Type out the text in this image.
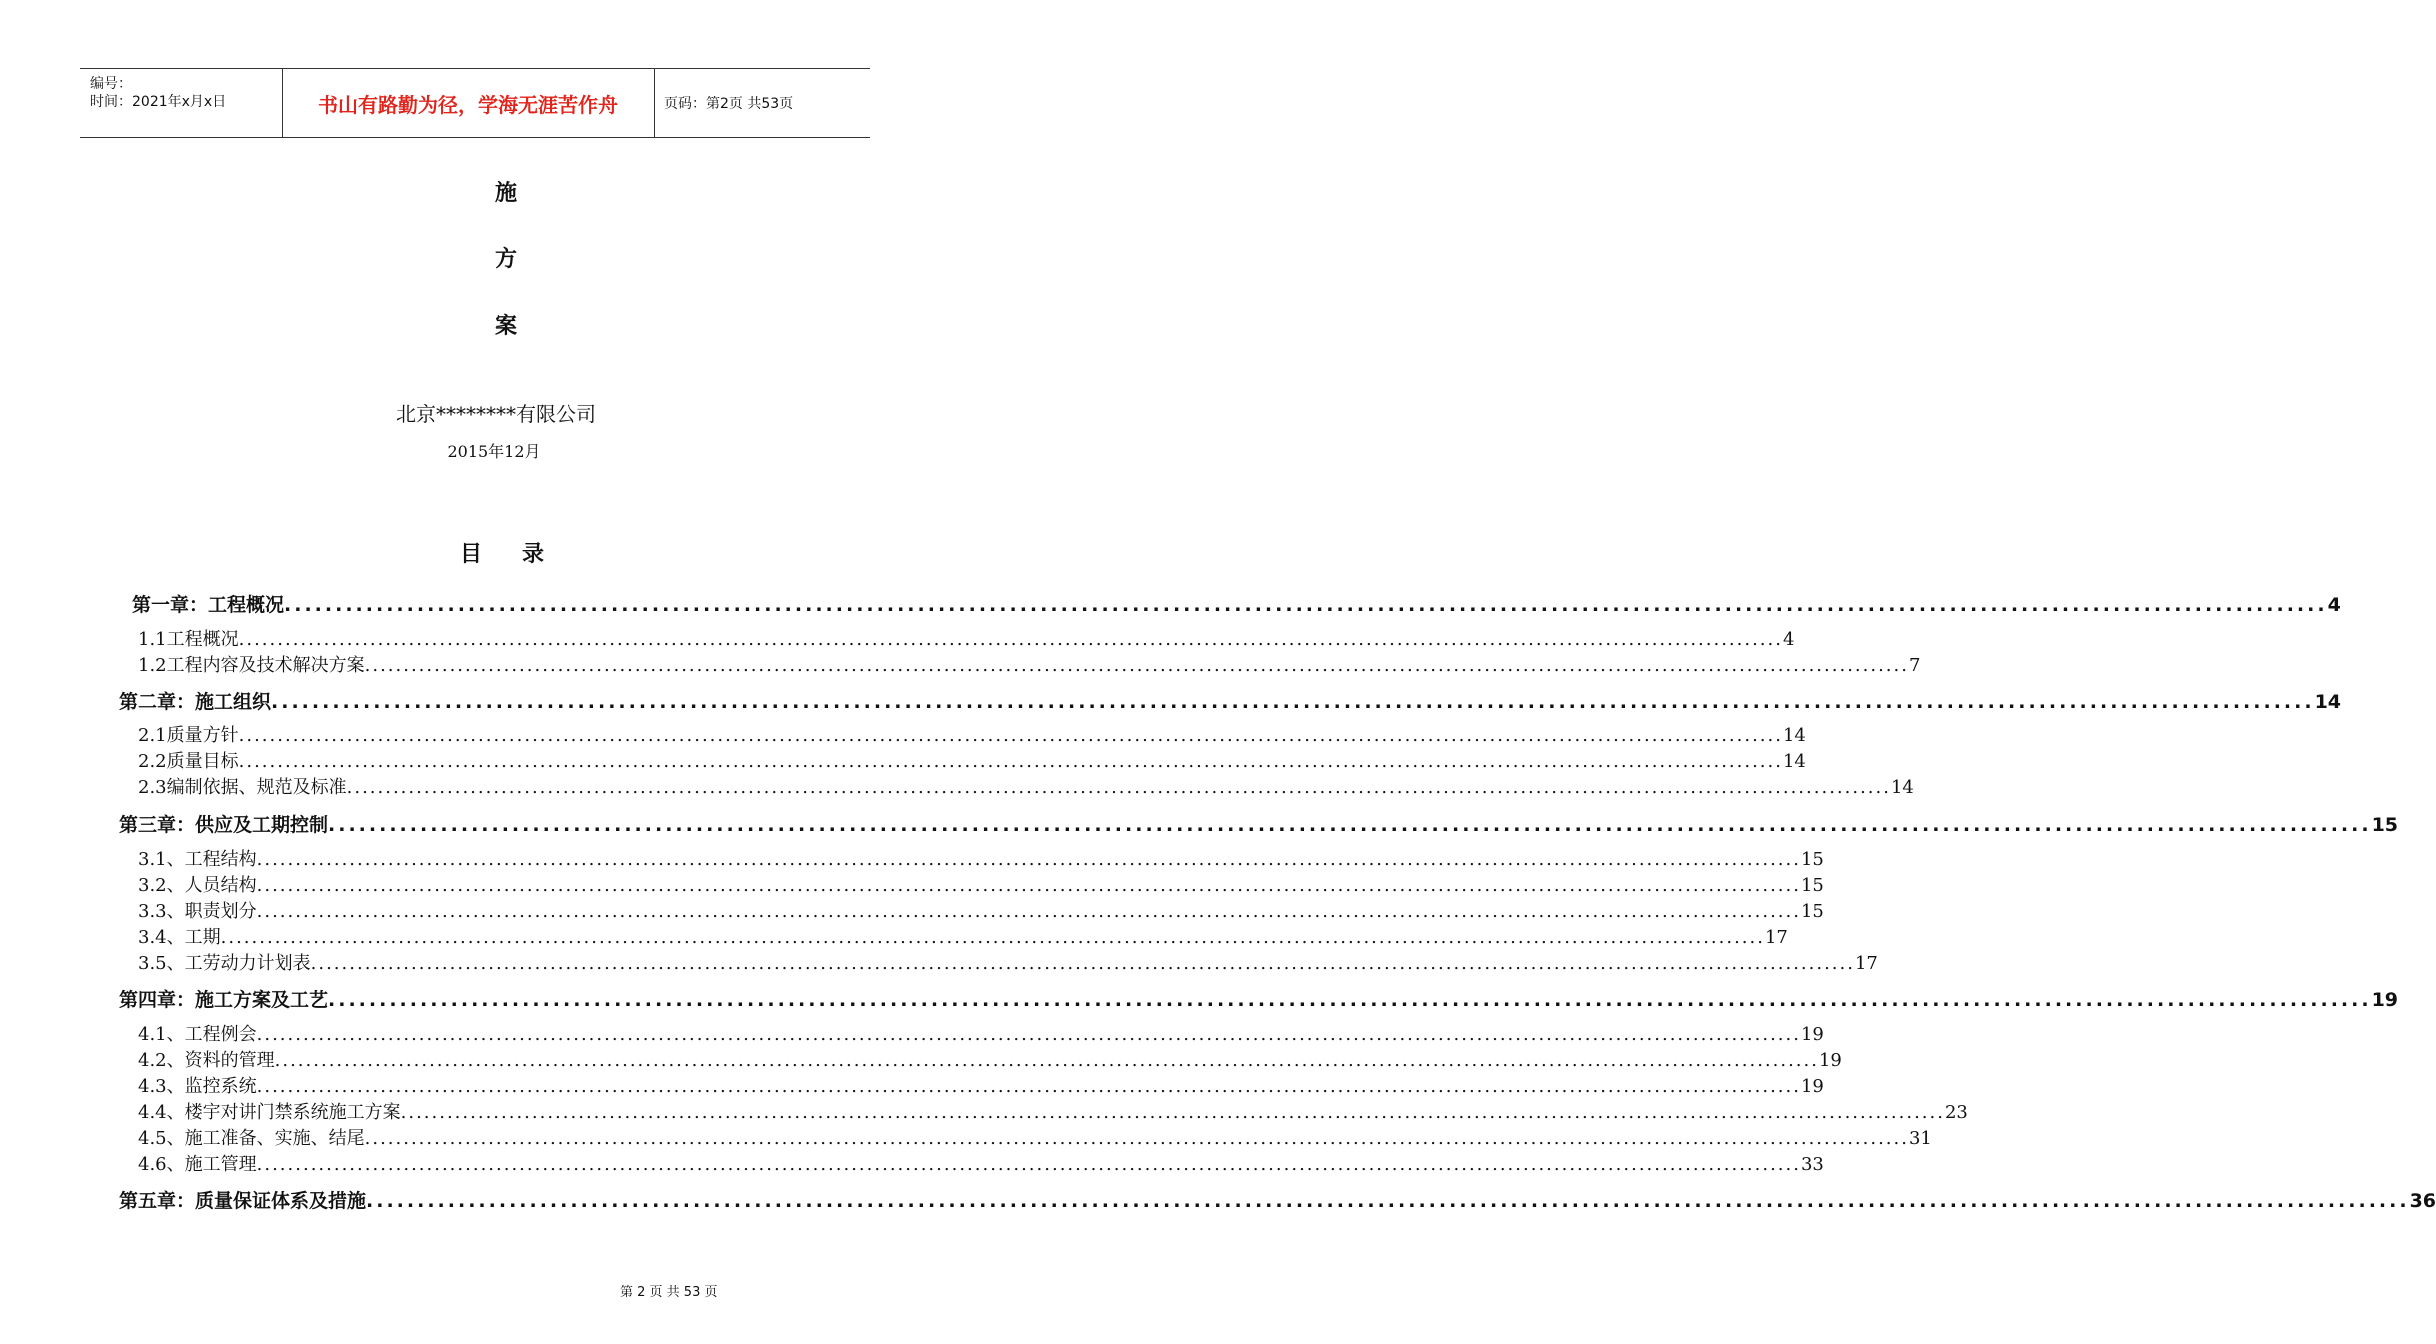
编号：
时间：2021年x月x日	书山有路勤为径，学海无涯苦作舟	页码：第2页 共53页
施
方
案
北京********有限公司
2015年12月
目 录
第一章：工程概况 ........................................................................................................................................................................................................ 4
1.1工程概况 ........................................................................................................................................................................................................ 4
1.2工程内容及技术解决方案 ........................................................................................................................................................................................................ 7
第二章：施工组织 ........................................................................................................................................................................................................ 14
2.1质量方针 ........................................................................................................................................................................................................ 14
2.2质量目标 ........................................................................................................................................................................................................ 14
2.3编制依据、规范及标准 ........................................................................................................................................................................................................ 14
第三章：供应及工期控制 ........................................................................................................................................................................................................ 15
3.1、工程结构 ........................................................................................................................................................................................................ 15
3.2、人员结构 ........................................................................................................................................................................................................ 15
3.3、职责划分 ........................................................................................................................................................................................................ 15
3.4、工期 ........................................................................................................................................................................................................ 17
3.5、工劳动力计划表 ........................................................................................................................................................................................................ 17
第四章：施工方案及工艺 ........................................................................................................................................................................................................ 19
4.1、工程例会 ........................................................................................................................................................................................................ 19
4.2、资料的管理 ........................................................................................................................................................................................................ 19
4.3、监控系统 ........................................................................................................................................................................................................ 19
4.4、楼宇对讲门禁系统施工方案 ........................................................................................................................................................................................................ 23
4.5、施工准备、实施、结尾 ........................................................................................................................................................................................................ 31
4.6、施工管理 ........................................................................................................................................................................................................ 33
第五章：质量保证体系及措施 ........................................................................................................................................................................................................ 36
第 2 页 共 53 页
